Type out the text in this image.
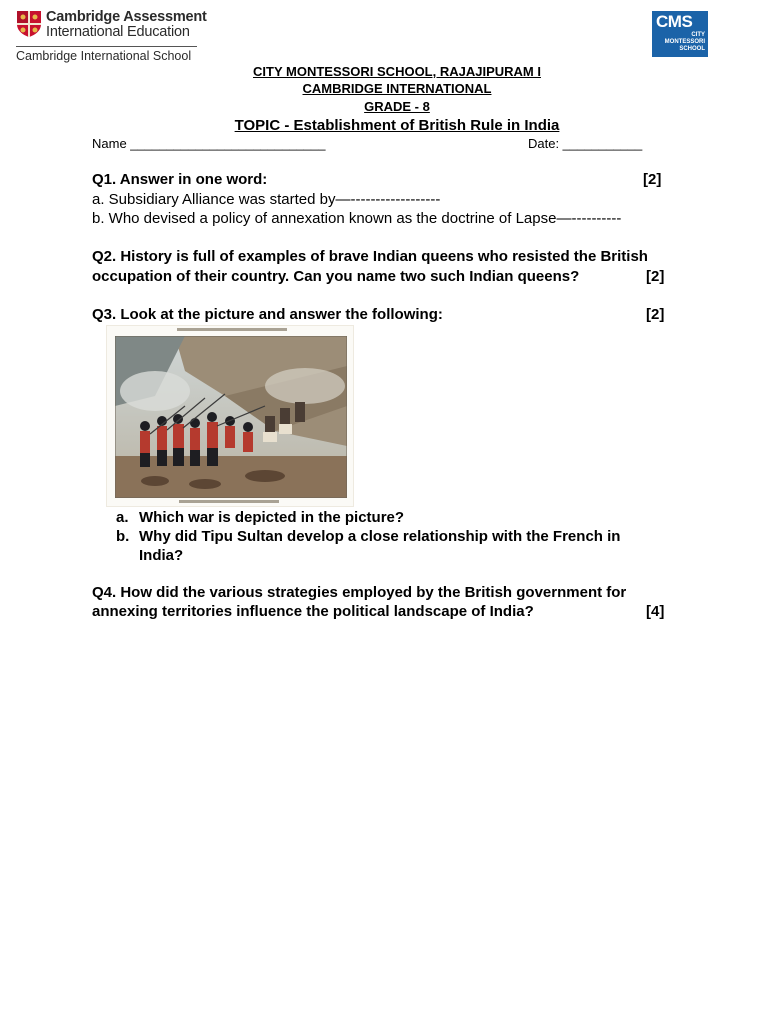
Cambridge Assessment
International Education
Cambridge International School
CMS
CITY
MONTESSORI
SCHOOL
CITY MONTESSORI SCHOOL, RAJAJIPURAM I
CAMBRIDGE INTERNATIONAL
GRADE - 8
TOPIC - Establishment of British Rule in India
Name ___________________________	Date: ___________
Q1. Answer in one word:	[2]
a. Subsidiary Alliance was started by—------------------
b. Who devised a policy of annexation known as the doctrine of Lapse—----------
Q2. History is full of examples of brave Indian queens who resisted the British
occupation of their country. Can you name two such Indian queens?	[2]
Q3. Look at the picture and answer the following:	[2]
a. Which war is depicted in the picture?
b. Why did Tipu Sultan develop a close relationship with the French in
India?
Q4. How did the various strategies employed by the British government for
annexing territories influence the political landscape of India?	[4]
